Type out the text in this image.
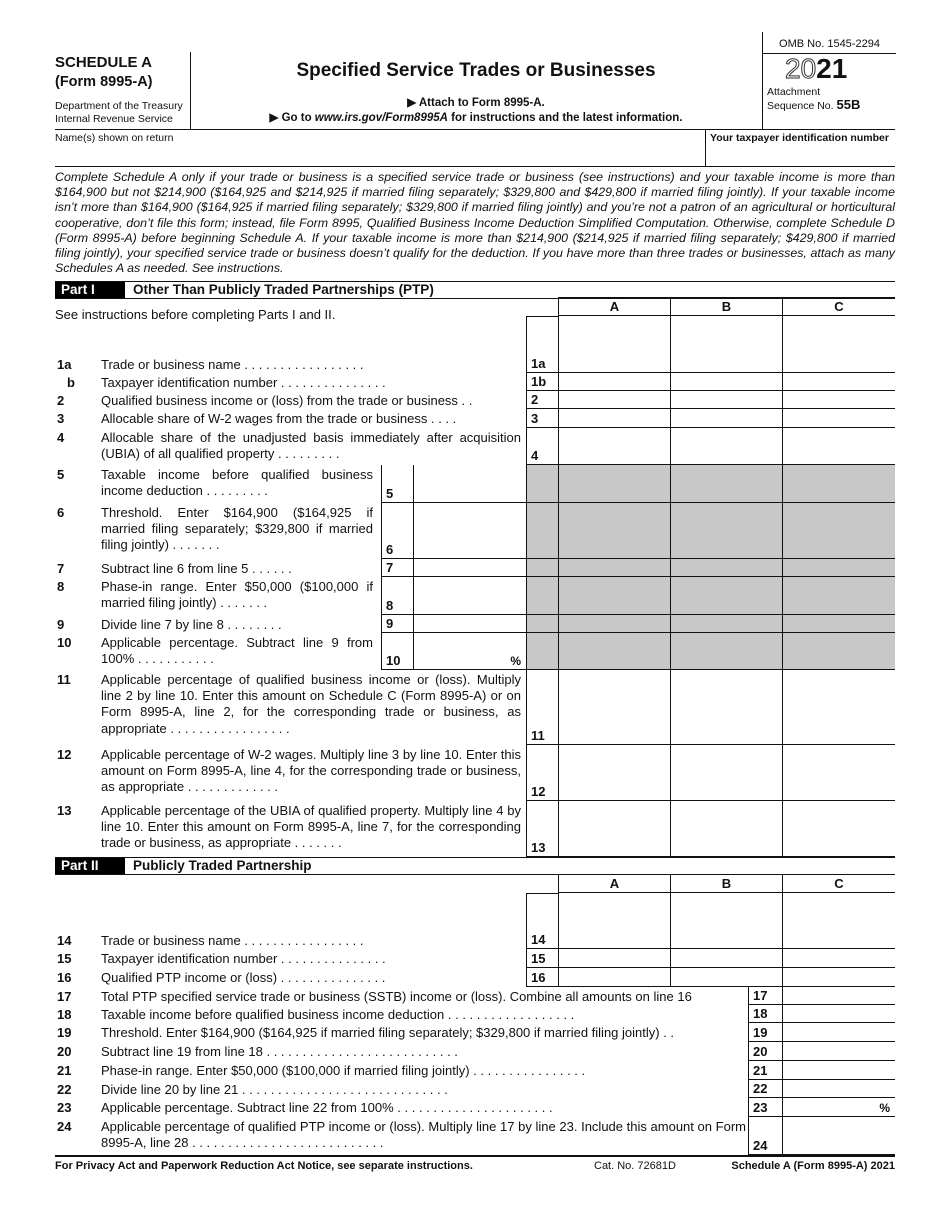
SCHEDULE A
(Form 8995-A)
Department of the Treasury
Internal Revenue Service
Specified Service Trades or Businesses
▶ Attach to Form 8995-A.
▶ Go to www.irs.gov/Form8995A for instructions and the latest information.
OMB No. 1545-2294
2021
Attachment
Sequence No. 55B
Name(s) shown on return	Your taxpayer identification number
Complete Schedule A only if your trade or business is a specified service trade or business (see instructions) and your taxable income is more than $164,900 but not $214,900 ($164,925 and $214,925 if married filing separately; $329,800 and $429,800 if married filing jointly). If your taxable income isn’t more than $164,900 ($164,925 if married filing separately; $329,800 if married filing jointly) and you’re not a patron of an agricultural or horticultural cooperative, don’t file this form; instead, file Form 8995, Qualified Business Income Deduction Simplified Computation. Otherwise, complete Schedule D (Form 8995-A) before beginning Schedule A. If your taxable income is more than $214,900 ($214,925 if married filing separately; $429,800 if married filing jointly), your specified service trade or business doesn’t qualify for the deduction. If you have more than three trades or businesses, attach as many Schedules A as needed. See instructions.
Part I	Other Than Publicly Traded Partnerships (PTP)
See instructions before completing Parts I and II.
A	B	C
1a	Trade or business name . . . . . . . . . . . . . . . . .	1a
b Taxpayer identification number . . . . . . . . . . . . . . .	1b
2	Qualified business income or (loss) from the trade or business . .	2
3	Allocable share of W-2 wages from the trade or business . . . .	3
4	Allocable share of the unadjusted basis immediately after acquisition (UBIA) of all qualified property . . . . . . . . .	4
5	Taxable income before qualified business income deduction . . . . . . . . .	5
6	Threshold. Enter $164,900 ($164,925 if married filing separately; $329,800 if married filing jointly) . . . . . . .	6
7	Subtract line 6 from line 5 . . . . . .	7
8	Phase-in range. Enter $50,000 ($100,000 if married filing jointly) . . . . . . .	8
9	Divide line 7 by line 8 . . . . . . . .	9
10	Applicable percentage. Subtract line 9 from 100% . . . . . . . . . . .	10	%
11	Applicable percentage of qualified business income or (loss). Multiply line 2 by line 10. Enter this amount on Schedule C (Form 8995-A) or on Form 8995-A, line 2, for the corresponding trade or business, as appropriate . . . . . . . . . . . . . . . . .	11
12	Applicable percentage of W-2 wages. Multiply line 3 by line 10. Enter this amount on Form 8995-A, line 4, for the corresponding trade or business, as appropriate . . . . . . . . . . . . .	12
13	Applicable percentage of the UBIA of qualified property. Multiply line 4 by line 10. Enter this amount on Form 8995-A, line 7, for the corresponding trade or business, as appropriate . . . . . . .	13
Part II	Publicly Traded Partnership
A	B	C
14	Trade or business name . . . . . . . . . . . . . . . . .	14
15	Taxpayer identification number . . . . . . . . . . . . . . .	15
16	Qualified PTP income or (loss) . . . . . . . . . . . . . . .	16
17	Total PTP specified service trade or business (SSTB) income or (loss). Combine all amounts on line 16	17
18	Taxable income before qualified business income deduction . . . . . . . . . . . . . . . . . .	18
19	Threshold. Enter $164,900 ($164,925 if married filing separately; $329,800 if married filing jointly) . .	19
20	Subtract line 19 from line 18 . . . . . . . . . . . . . . . . . . . . . . . . . . .	20
21	Phase-in range. Enter $50,000 ($100,000 if married filing jointly) . . . . . . . . . . . . . . . .	21
22	Divide line 20 by line 21 . . . . . . . . . . . . . . . . . . . . . . . . . . . . .	22
23	Applicable percentage. Subtract line 22 from 100% . . . . . . . . . . . . . . . . . . . . . .	23	%
24	Applicable percentage of qualified PTP income or (loss). Multiply line 17 by line 23. Include this amount on Form 8995-A, line 28 . . . . . . . . . . . . . . . . . . . . . . . . . . .	24
For Privacy Act and Paperwork Reduction Act Notice, see separate instructions.	Cat. No. 72681D	Schedule A (Form 8995-A) 2021
